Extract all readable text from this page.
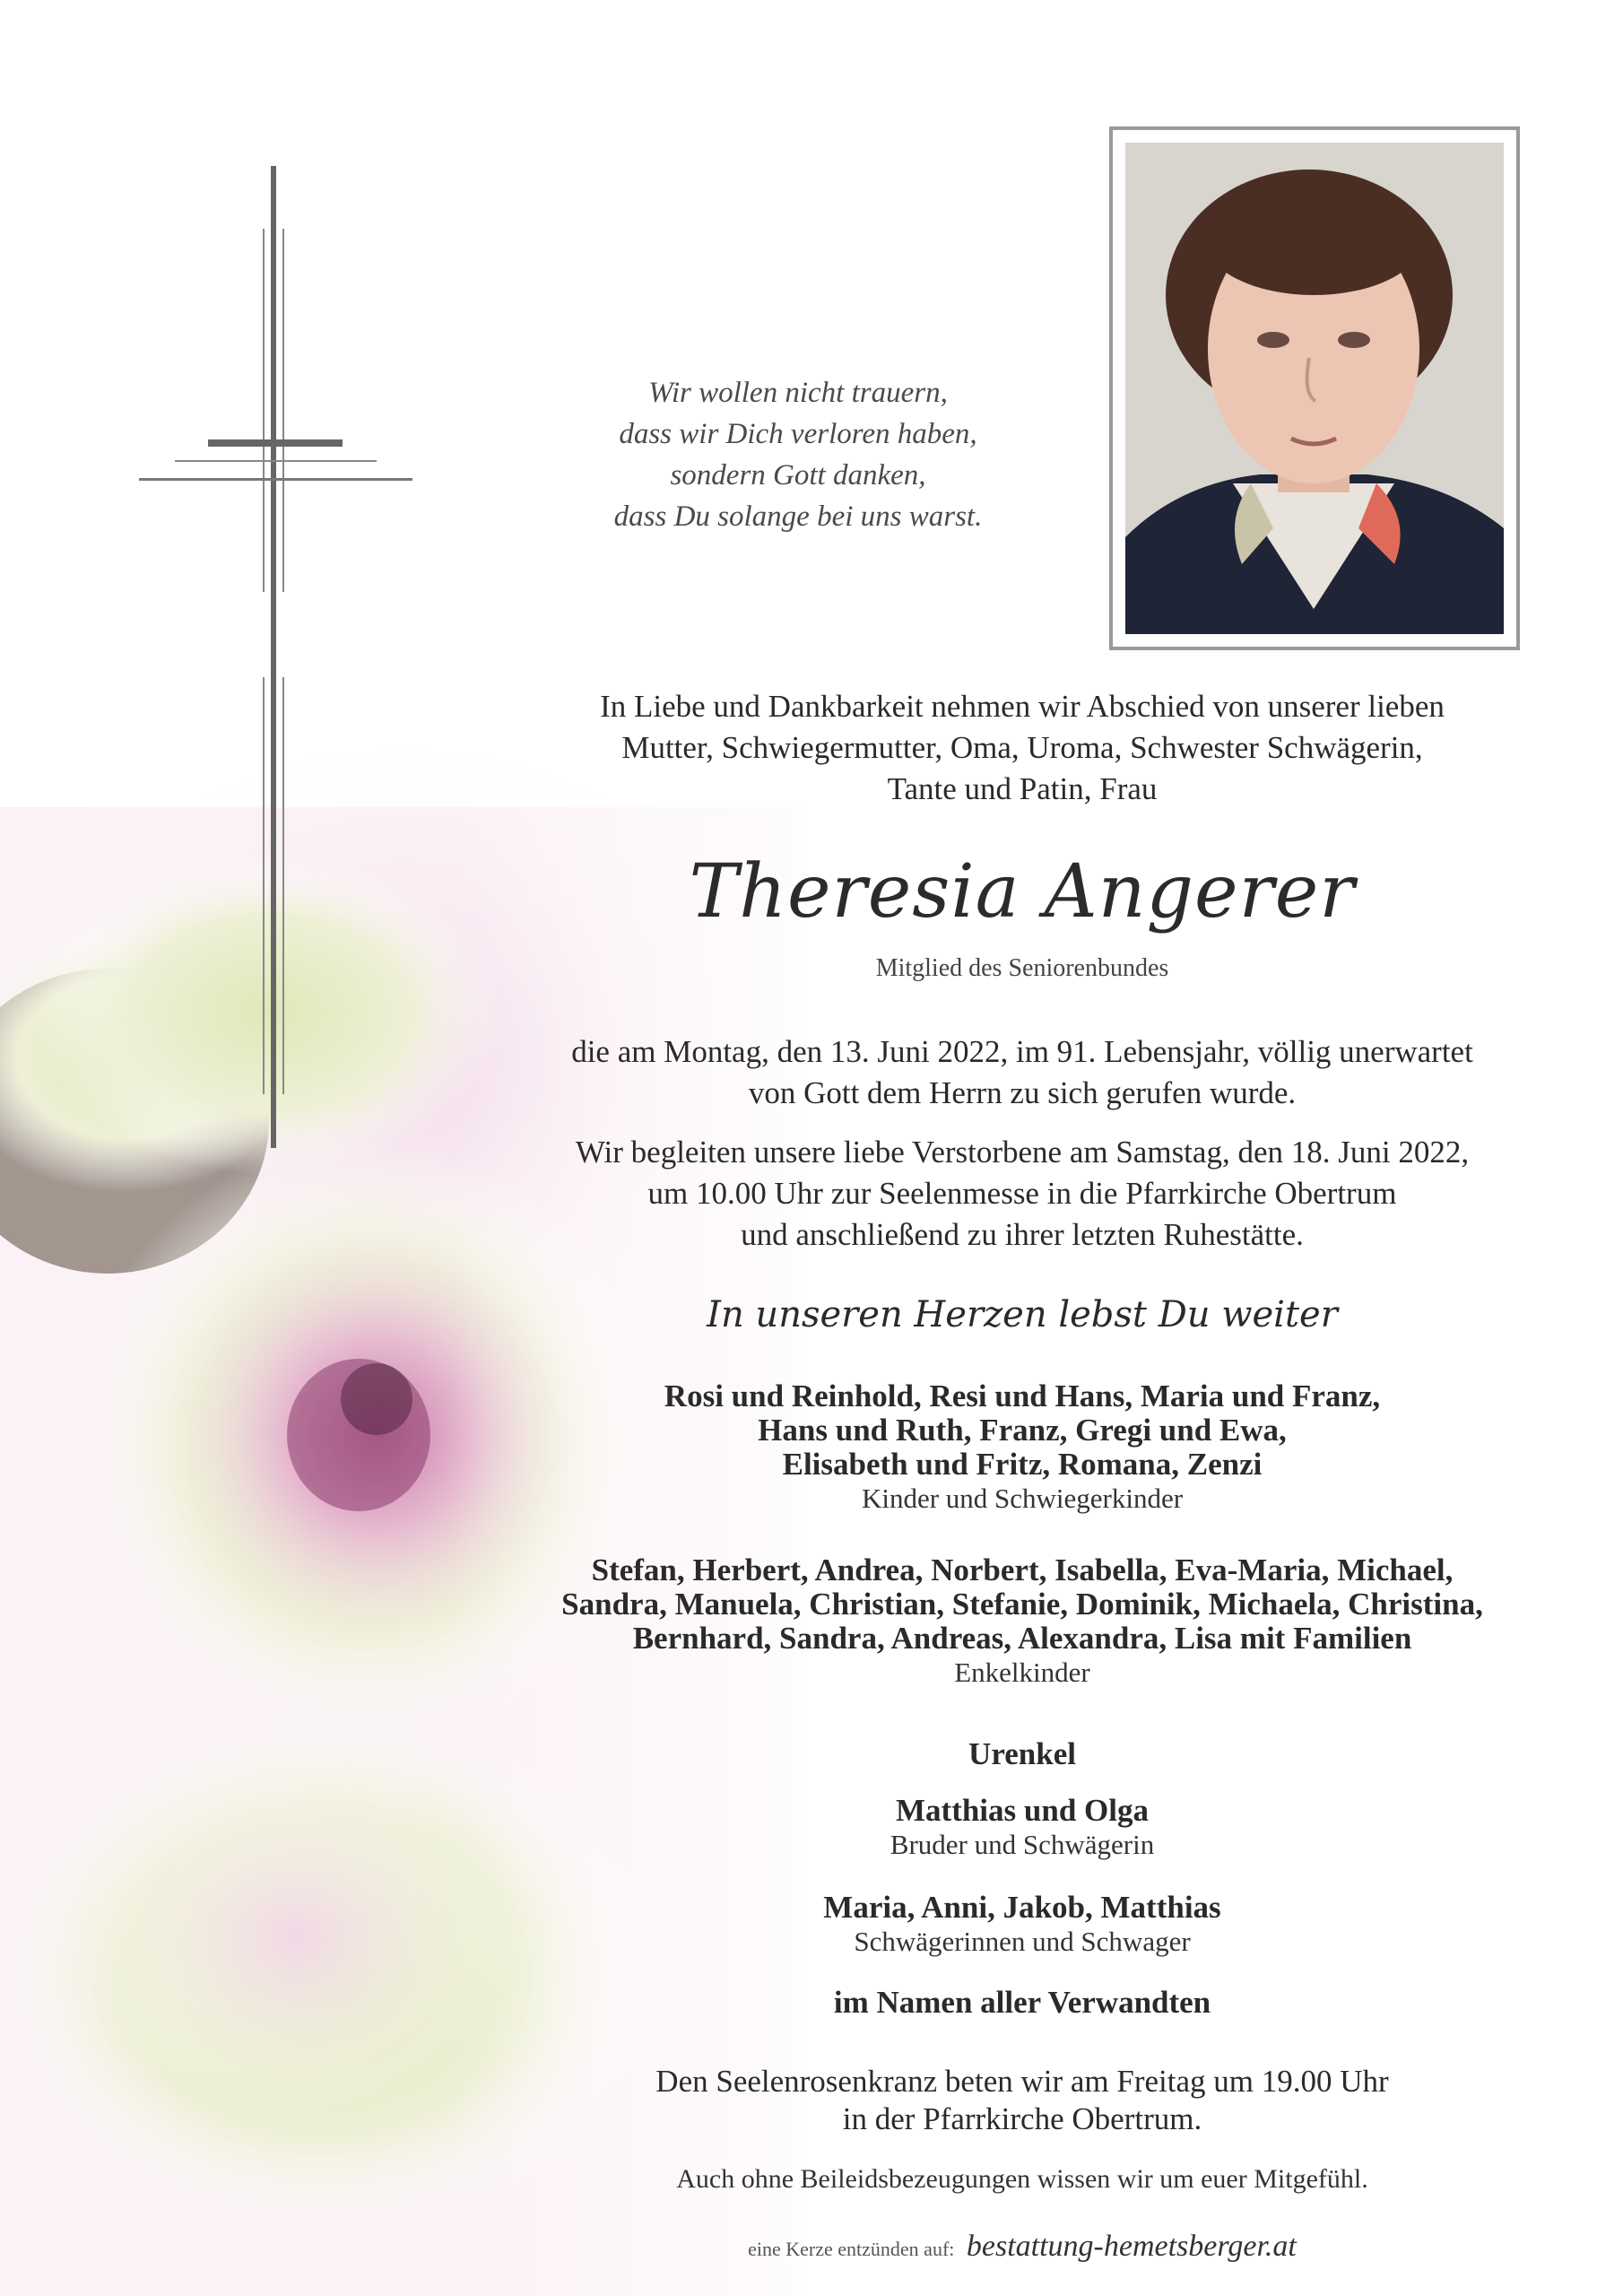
Wir wollen nicht trauern,
dass wir Dich verloren haben,
sondern Gott danken,
dass Du solange bei uns warst.
In Liebe und Dankbarkeit nehmen wir Abschied von unserer lieben
Mutter, Schwiegermutter, Oma, Uroma, Schwester Schwägerin,
Tante und Patin, Frau
Theresia Angerer
Mitglied des Seniorenbundes
die am Montag, den 13. Juni 2022, im 91. Lebensjahr, völlig unerwartet
von Gott dem Herrn zu sich gerufen wurde.
Wir begleiten unsere liebe Verstorbene am Samstag, den 18. Juni 2022,
um 10.00 Uhr zur Seelenmesse in die Pfarrkirche Obertrum
und anschließend zu ihrer letzten Ruhestätte.
In unseren Herzen lebst Du weiter
Rosi und Reinhold, Resi und Hans, Maria und Franz,
Hans und Ruth, Franz, Gregi und Ewa,
Elisabeth und Fritz, Romana, Zenzi
Kinder und Schwiegerkinder
Stefan, Herbert, Andrea, Norbert, Isabella, Eva-Maria, Michael,
Sandra, Manuela, Christian, Stefanie, Dominik, Michaela, Christina,
Bernhard, Sandra, Andreas, Alexandra, Lisa mit Familien
Enkelkinder
Urenkel
Matthias und Olga
Bruder und Schwägerin
Maria, Anni, Jakob, Matthias
Schwägerinnen und Schwager
im Namen aller Verwandten
Den Seelenrosenkranz beten wir am Freitag um 19.00 Uhr
in der Pfarrkirche Obertrum.
Auch ohne Beileidsbezeugungen wissen wir um euer Mitgefühl.
eine Kerze entzünden auf: bestattung-hemetsberger.at
